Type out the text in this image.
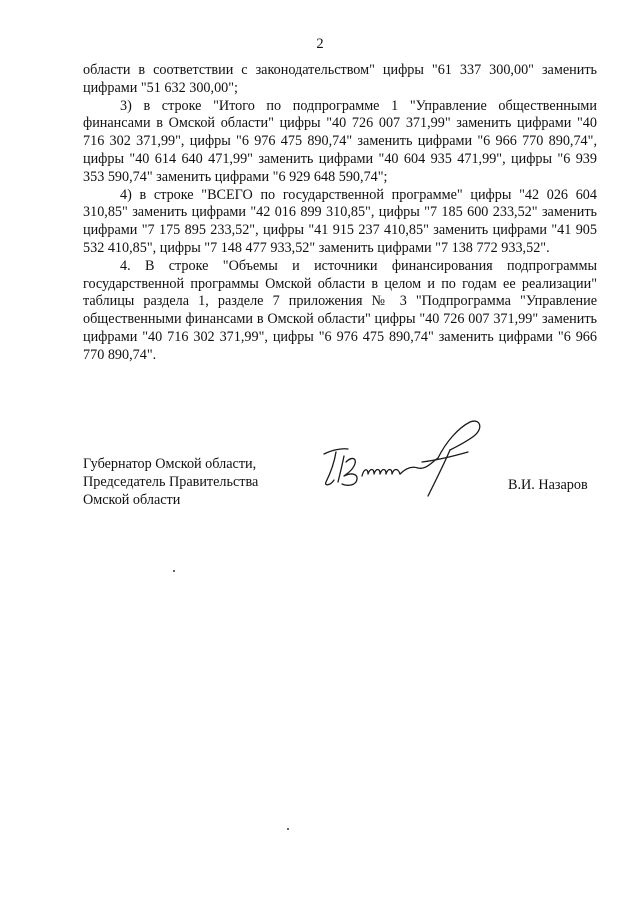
2

области в соответствии с законодательством" цифры "61 337 300,00" заменить цифрами "51 632 300,00";

3) в строке "Итого по подпрограмме 1 "Управление общественными финансами в Омской области" цифры "40 726 007 371,99" заменить цифрами "40 716 302 371,99", цифры "6 976 475 890,74" заменить цифрами "6 966 770 890,74", цифры "40 614 640 471,99" заменить цифрами "40 604 935 471,99", цифры "6 939 353 590,74" заменить цифрами "6 929 648 590,74";

4) в строке "ВСЕГО по государственной программе" цифры "42 026 604 310,85" заменить цифрами "42 016 899 310,85", цифры "7 185 600 233,52" заменить цифрами "7 175 895 233,52", цифры "41 915 237 410,85" заменить цифрами "41 905 532 410,85", цифры "7 148 477 933,52" заменить цифрами "7 138 772 933,52".

4. В строке "Объемы и источники финансирования подпрограммы государственной программы Омской области в целом и по годам ее реализации" таблицы раздела 1, разделе 7 приложения № 3 "Подпрограмма "Управление общественными финансами в Омской области" цифры "40 726 007 371,99" заменить цифрами "40 716 302 371,99", цифры "6 976 475 890,74" заменить цифрами "6 966 770 890,74".

Губернатор Омской области,
Председатель Правительства
Омской области
В.И. Назаров
